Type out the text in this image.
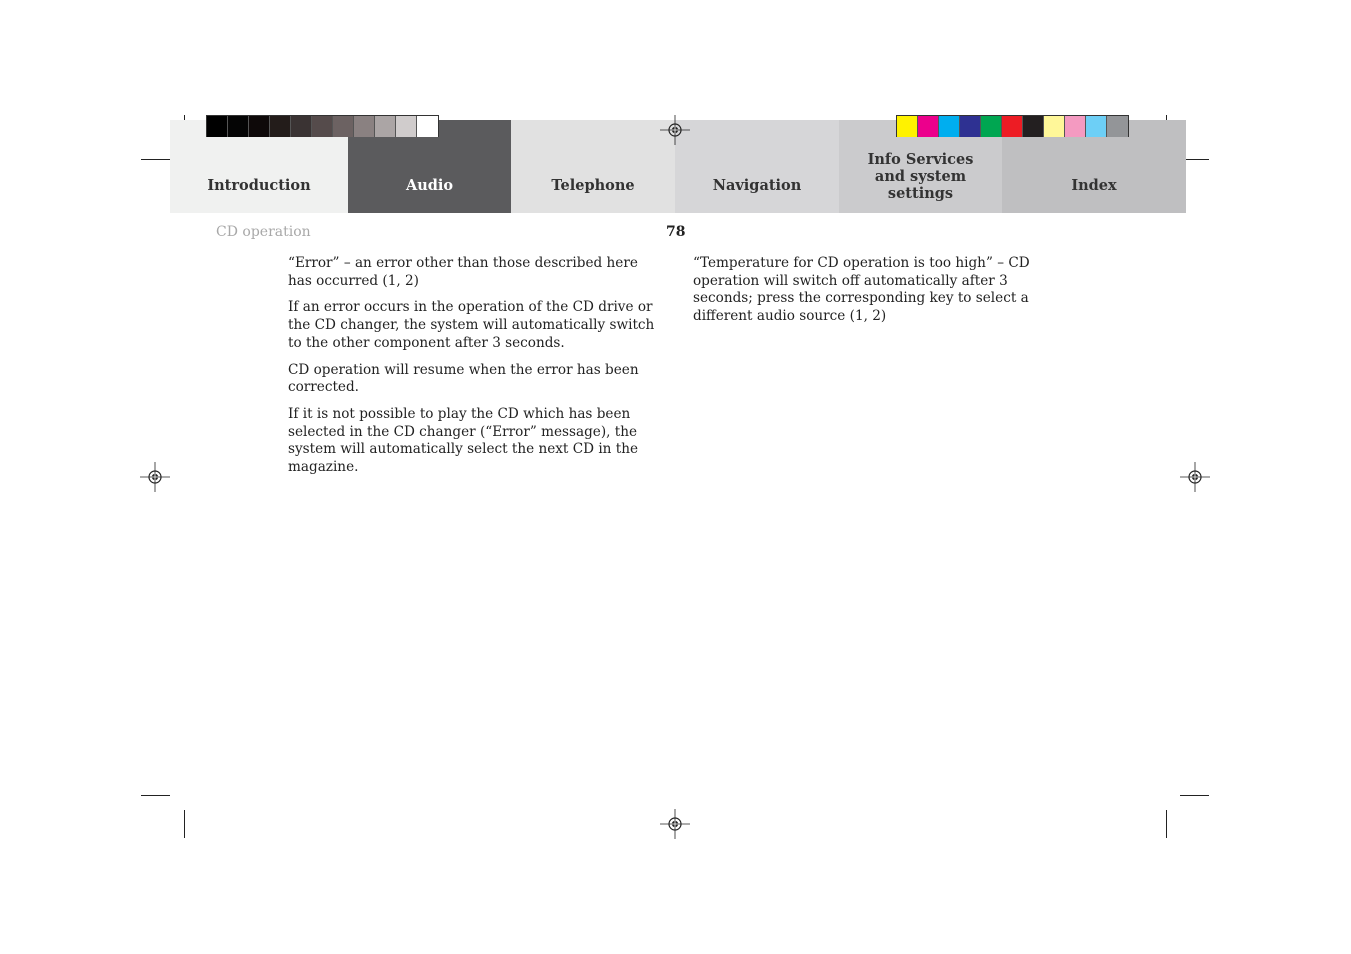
Introduction	Audio	Telephone	Navigation
Info Services and system settings	Index
CD operation	78

“Error” – an error other than those described here has occurred (1, 2)

If an error occurs in the operation of the CD drive or the CD changer, the system will automatically switch to the other component after 3 seconds.

CD operation will resume when the error has been corrected.

If it is not possible to play the CD which has been selected in the CD changer (“Error” message), the system will automatically select the next CD in the magazine.

“Temperature for CD operation is too high” – CD operation will switch off automatically after 3 seconds; press the corresponding key to select a different audio source (1, 2)
